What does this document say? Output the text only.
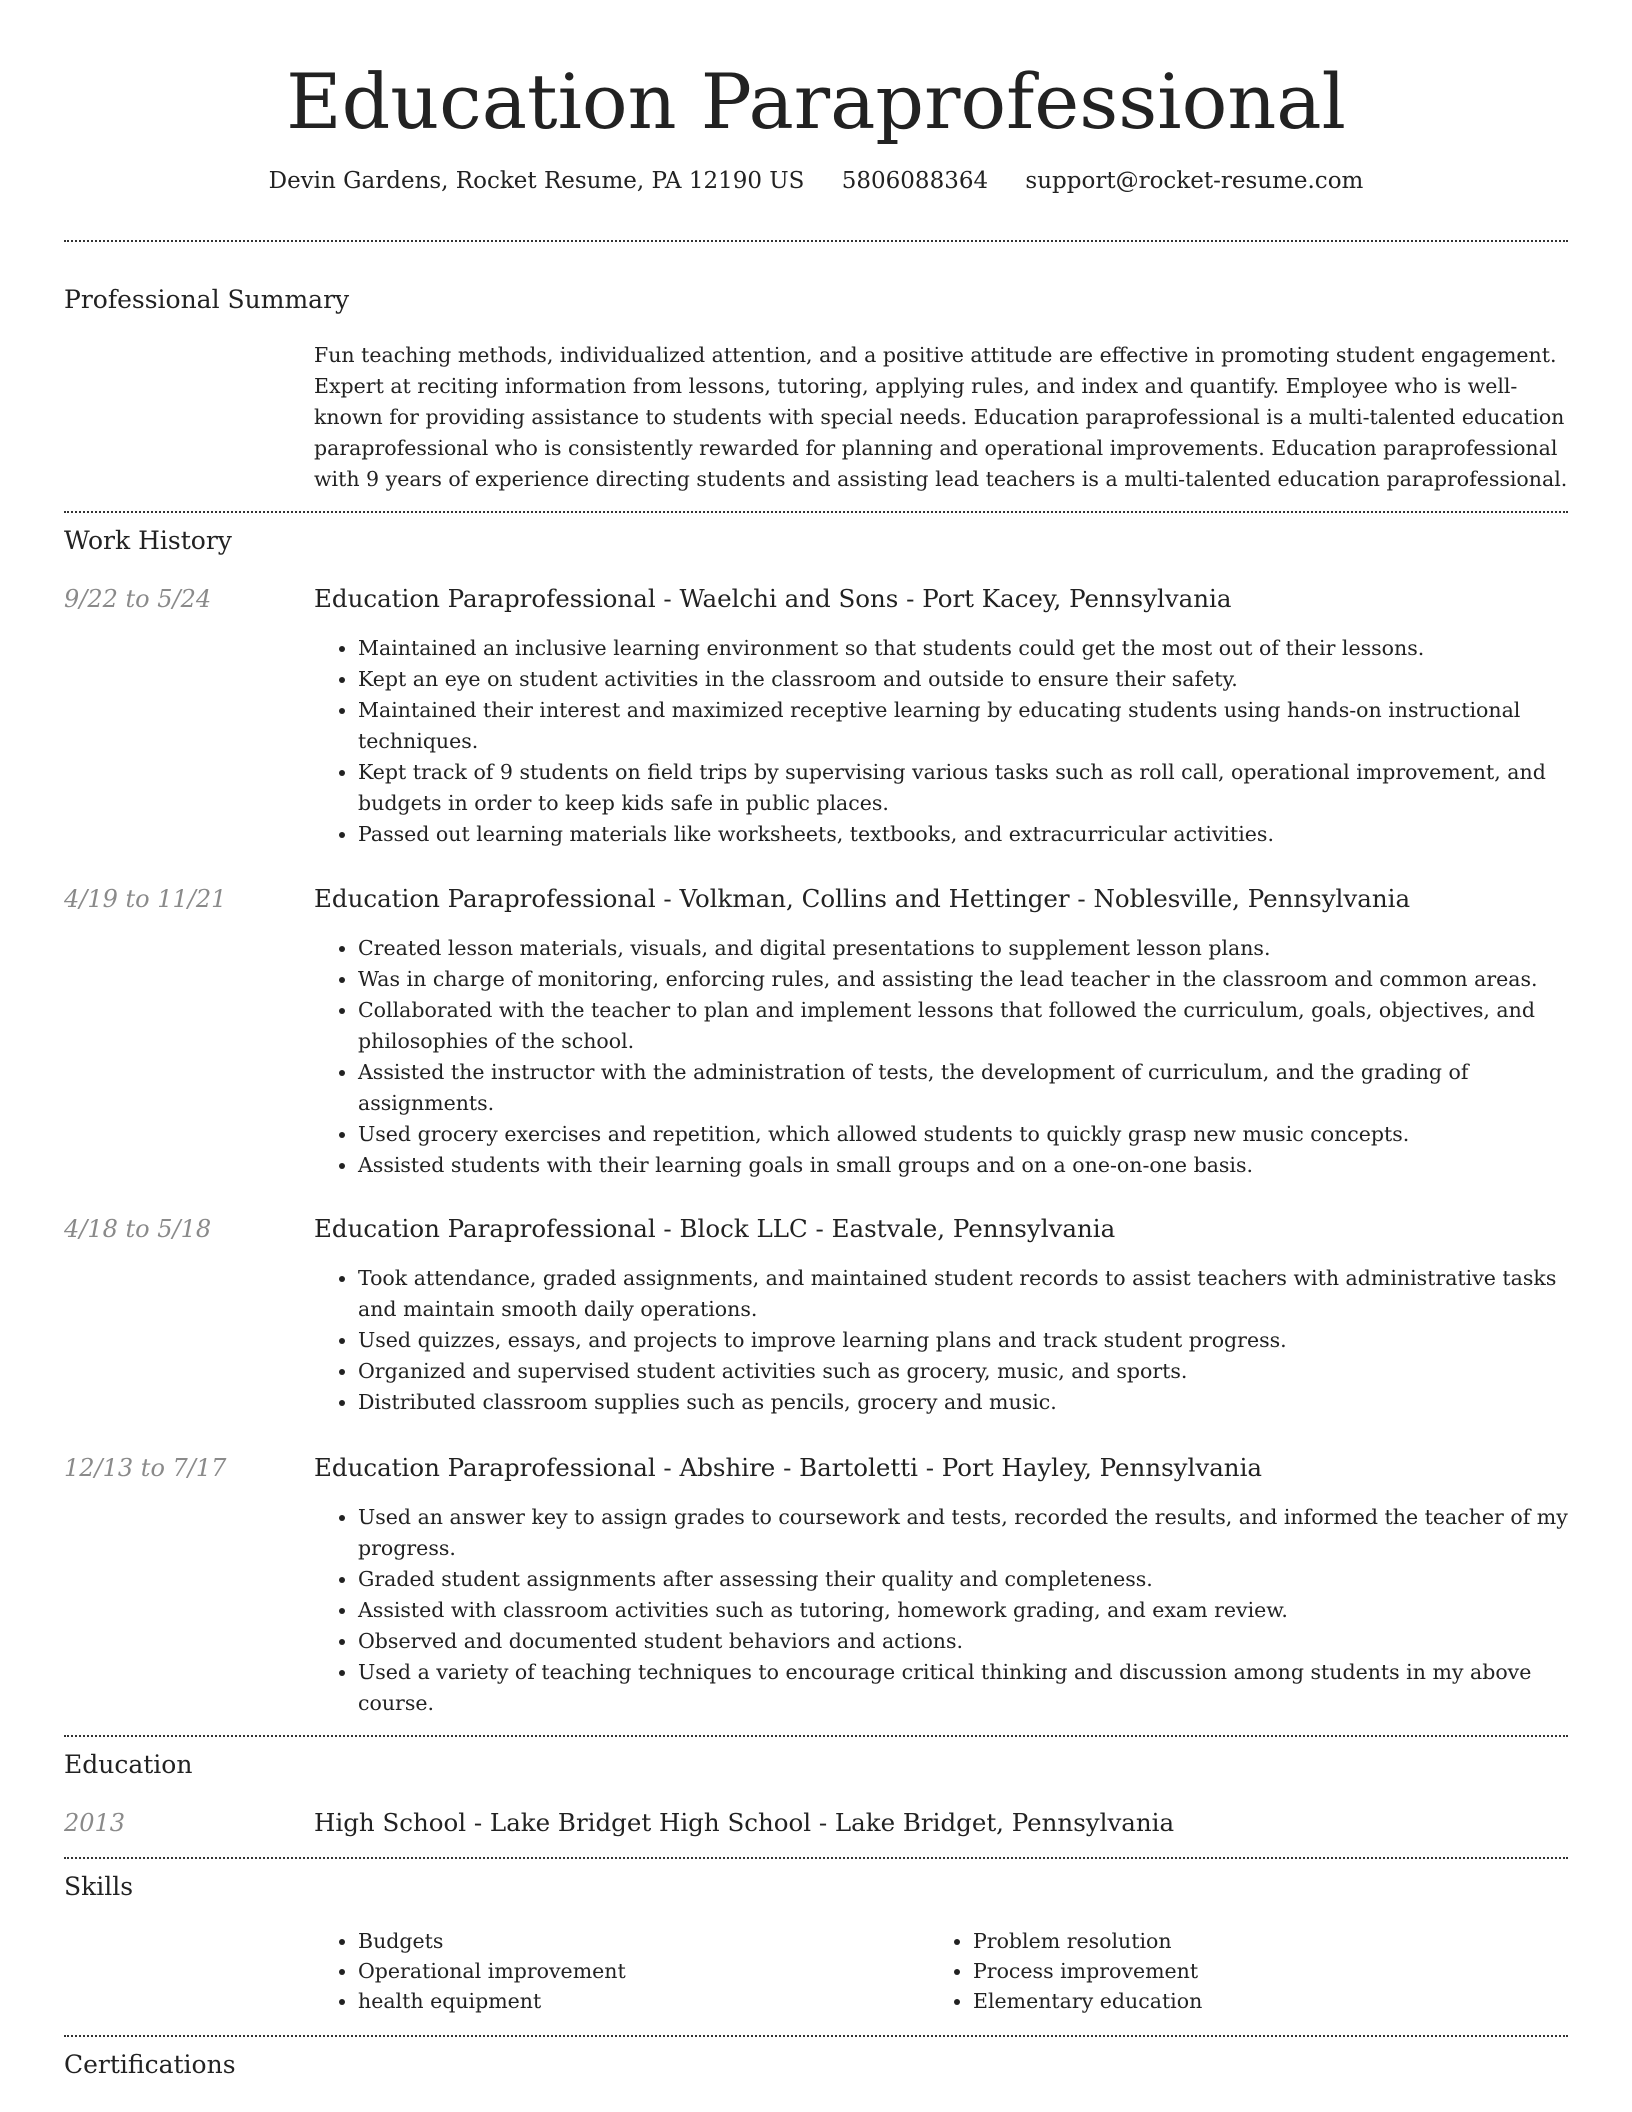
Education Paraprofessional
Devin Gardens, Rocket Resume, PA 12190 US 5806088364 support@rocket-resume.com
Professional Summary
Fun teaching methods, individualized attention, and a positive attitude are effective in promoting student engagement. Expert at reciting information from lessons, tutoring, applying rules, and index and quantify. Employee who is well-known for providing assistance to students with special needs. Education paraprofessional is a multi-talented education paraprofessional who is consistently rewarded for planning and operational improvements. Education paraprofessional with 9 years of experience directing students and assisting lead teachers is a multi-talented education paraprofessional.
Work History
9/22 to 5/24	Education Paraprofessional - Waelchi and Sons - Port Kacey, Pennsylvania
• Maintained an inclusive learning environment so that students could get the most out of their lessons.
• Kept an eye on student activities in the classroom and outside to ensure their safety.
• Maintained their interest and maximized receptive learning by educating students using hands-on instructional techniques.
• Kept track of 9 students on field trips by supervising various tasks such as roll call, operational improvement, and budgets in order to keep kids safe in public places.
• Passed out learning materials like worksheets, textbooks, and extracurricular activities.
4/19 to 11/21	Education Paraprofessional - Volkman, Collins and Hettinger - Noblesville, Pennsylvania
• Created lesson materials, visuals, and digital presentations to supplement lesson plans.
• Was in charge of monitoring, enforcing rules, and assisting the lead teacher in the classroom and common areas.
• Collaborated with the teacher to plan and implement lessons that followed the curriculum, goals, objectives, and philosophies of the school.
• Assisted the instructor with the administration of tests, the development of curriculum, and the grading of assignments.
• Used grocery exercises and repetition, which allowed students to quickly grasp new music concepts.
• Assisted students with their learning goals in small groups and on a one-on-one basis.
4/18 to 5/18	Education Paraprofessional - Block LLC - Eastvale, Pennsylvania
• Took attendance, graded assignments, and maintained student records to assist teachers with administrative tasks and maintain smooth daily operations.
• Used quizzes, essays, and projects to improve learning plans and track student progress.
• Organized and supervised student activities such as grocery, music, and sports.
• Distributed classroom supplies such as pencils, grocery and music.
12/13 to 7/17	Education Paraprofessional - Abshire - Bartoletti - Port Hayley, Pennsylvania
• Used an answer key to assign grades to coursework and tests, recorded the results, and informed the teacher of my progress.
• Graded student assignments after assessing their quality and completeness.
• Assisted with classroom activities such as tutoring, homework grading, and exam review.
• Observed and documented student behaviors and actions.
• Used a variety of teaching techniques to encourage critical thinking and discussion among students in my above course.
Education
2013	High School - Lake Bridget High School - Lake Bridget, Pennsylvania
Skills
• Budgets
• Operational improvement
• health equipment
• Problem resolution
• Process improvement
• Elementary education
Certifications
